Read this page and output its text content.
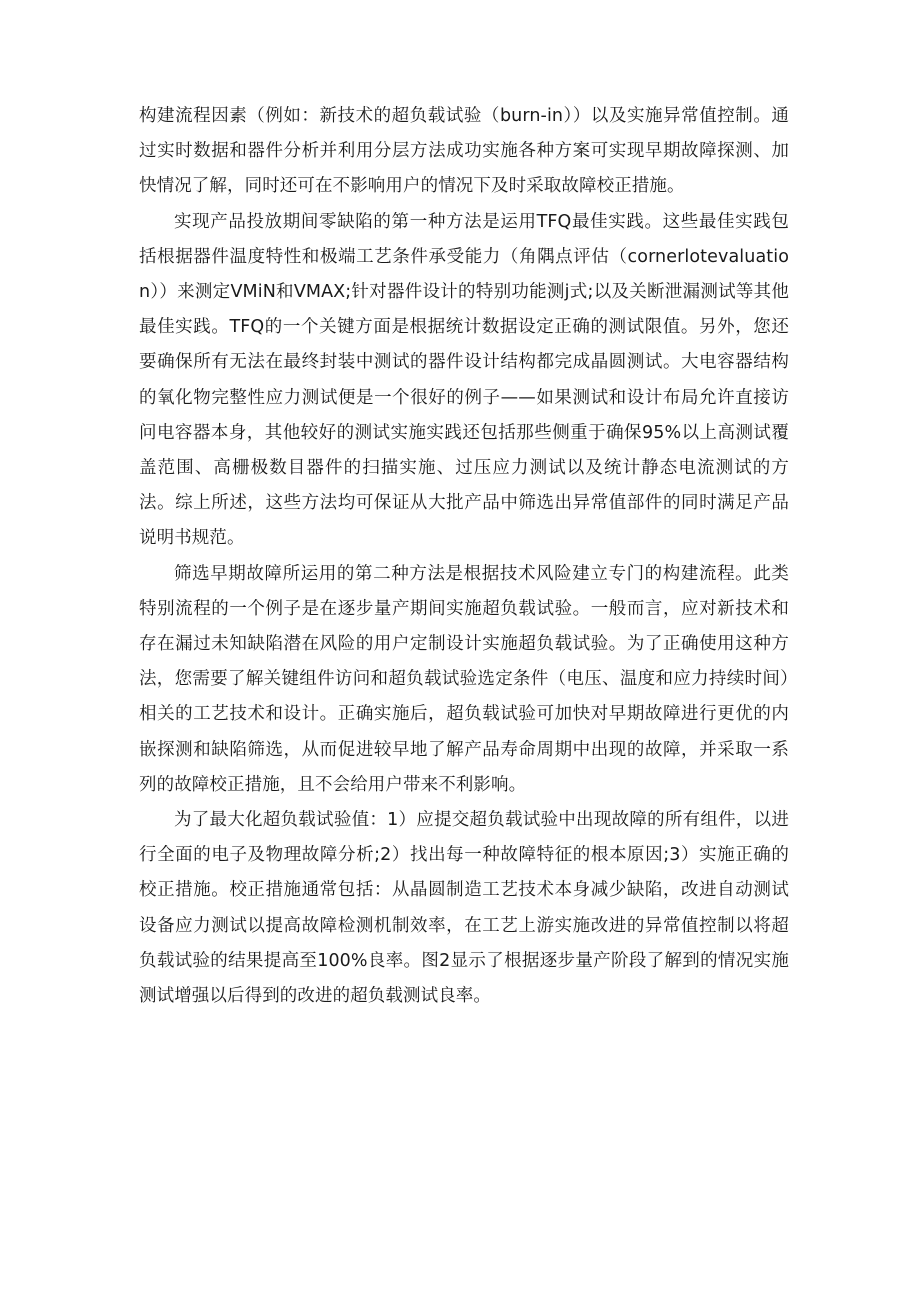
构建流程因素（例如：新技术的超负载试验（burn-in））以及实施异常值控制。通过实时数据和器件分析并利用分层方法成功实施各种方案可实现早期故障探测、加快情况了解，同时还可在不影响用户的情况下及时采取故障校正措施。

实现产品投放期间零缺陷的第一种方法是运用TFQ最佳实践。这些最佳实践包括根据器件温度特性和极端工艺条件承受能力（角隅点评估（cornerlotevaluation））来测定VMiN和VMAX;针对器件设计的特别功能测j式;以及关断泄漏测试等其他最佳实践。TFQ的一个关键方面是根据统计数据设定正确的测试限值。另外，您还要确保所有无法在最终封装中测试的器件设计结构都完成晶圆测试。大电容器结构的氧化物完整性应力测试便是一个很好的例子——如果测试和设计布局允许直接访问电容器本身，其他较好的测试实施实践还包括那些侧重于确保95%以上高测试覆盖范围、高栅极数目器件的扫描实施、过压应力测试以及统计静态电流测试的方法。综上所述，这些方法均可保证从大批产品中筛选出异常值部件的同时满足产品说明书规范。

筛选早期故障所运用的第二种方法是根据技术风险建立专门的构建流程。此类特别流程的一个例子是在逐步量产期间实施超负载试验。一般而言，应对新技术和存在漏过未知缺陷潜在风险的用户定制设计实施超负载试验。为了正确使用这种方法，您需要了解关键组件访问和超负载试验选定条件（电压、温度和应力持续时间）相关的工艺技术和设计。正确实施后，超负载试验可加快对早期故障进行更优的内嵌探测和缺陷筛选，从而促进较早地了解产品寿命周期中出现的故障，并采取一系列的故障校正措施，且不会给用户带来不利影响。

为了最大化超负载试验值：1）应提交超负载试验中出现故障的所有组件，以进行全面的电子及物理故障分析;2）找出每一种故障特征的根本原因;3）实施正确的校正措施。校正措施通常包括：从晶圆制造工艺技术本身减少缺陷，改进自动测试设备应力测试以提高故障检测机制效率，在工艺上游实施改进的异常值控制以将超负载试验的结果提高至100%良率。图2显示了根据逐步量产阶段了解到的情况实施测试增强以后得到的改进的超负载测试良率。
